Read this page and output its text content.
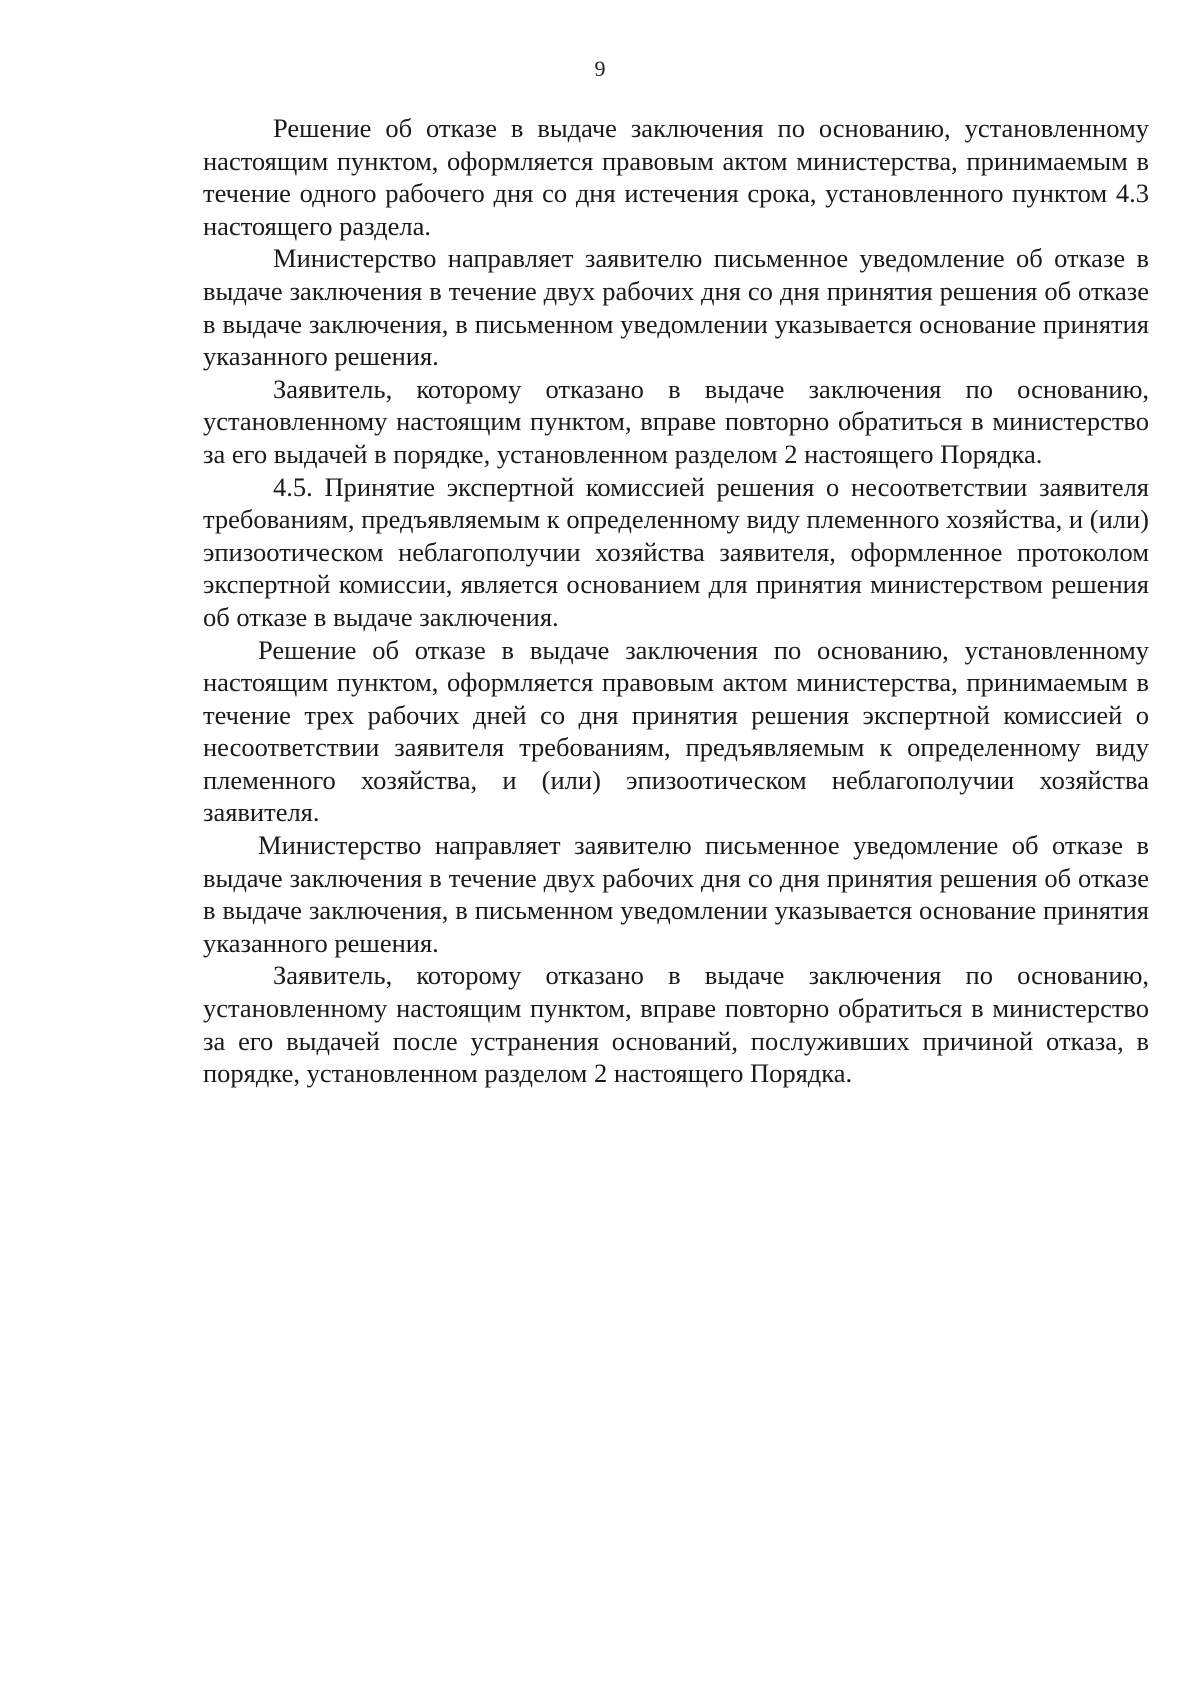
9

Решение об отказе в выдаче заключения по основанию, установленному настоящим пунктом, оформляется правовым актом министерства, принимаемым в течение одного рабочего дня со дня истечения срока, установленного пунктом 4.3 настоящего раздела.

Министерство направляет заявителю письменное уведомление об отказе в выдаче заключения в течение двух рабочих дня со дня принятия решения об отказе в выдаче заключения, в письменном уведомлении указывается основание принятия указанного решения.

Заявитель, которому отказано в выдаче заключения по основанию, установленному настоящим пунктом, вправе повторно обратиться в министерство за его выдачей в порядке, установленном разделом 2 настоящего Порядка.

4.5. Принятие экспертной комиссией решения о несоответствии заявителя требованиям, предъявляемым к определенному виду племенного хозяйства, и (или) эпизоотическом неблагополучии хозяйства заявителя, оформленное протоколом экспертной комиссии, является основанием для принятия министерством решения об отказе в выдаче заключения.

Решение об отказе в выдаче заключения по основанию, установленному настоящим пунктом, оформляется правовым актом министерства, принимаемым в течение трех рабочих дней со дня принятия решения экспертной комиссией о несоответствии заявителя требованиям, предъявляемым к определенному виду племенного хозяйства, и (или) эпизоотическом неблагополучии хозяйства заявителя.

Министерство направляет заявителю письменное уведомление об отказе в выдаче заключения в течение двух рабочих дня со дня принятия решения об отказе в выдаче заключения, в письменном уведомлении указывается основание принятия указанного решения.

Заявитель, которому отказано в выдаче заключения по основанию, установленному настоящим пунктом, вправе повторно обратиться в министерство за его выдачей после устранения оснований, послуживших причиной отказа, в порядке, установленном разделом 2 настоящего Порядка.
